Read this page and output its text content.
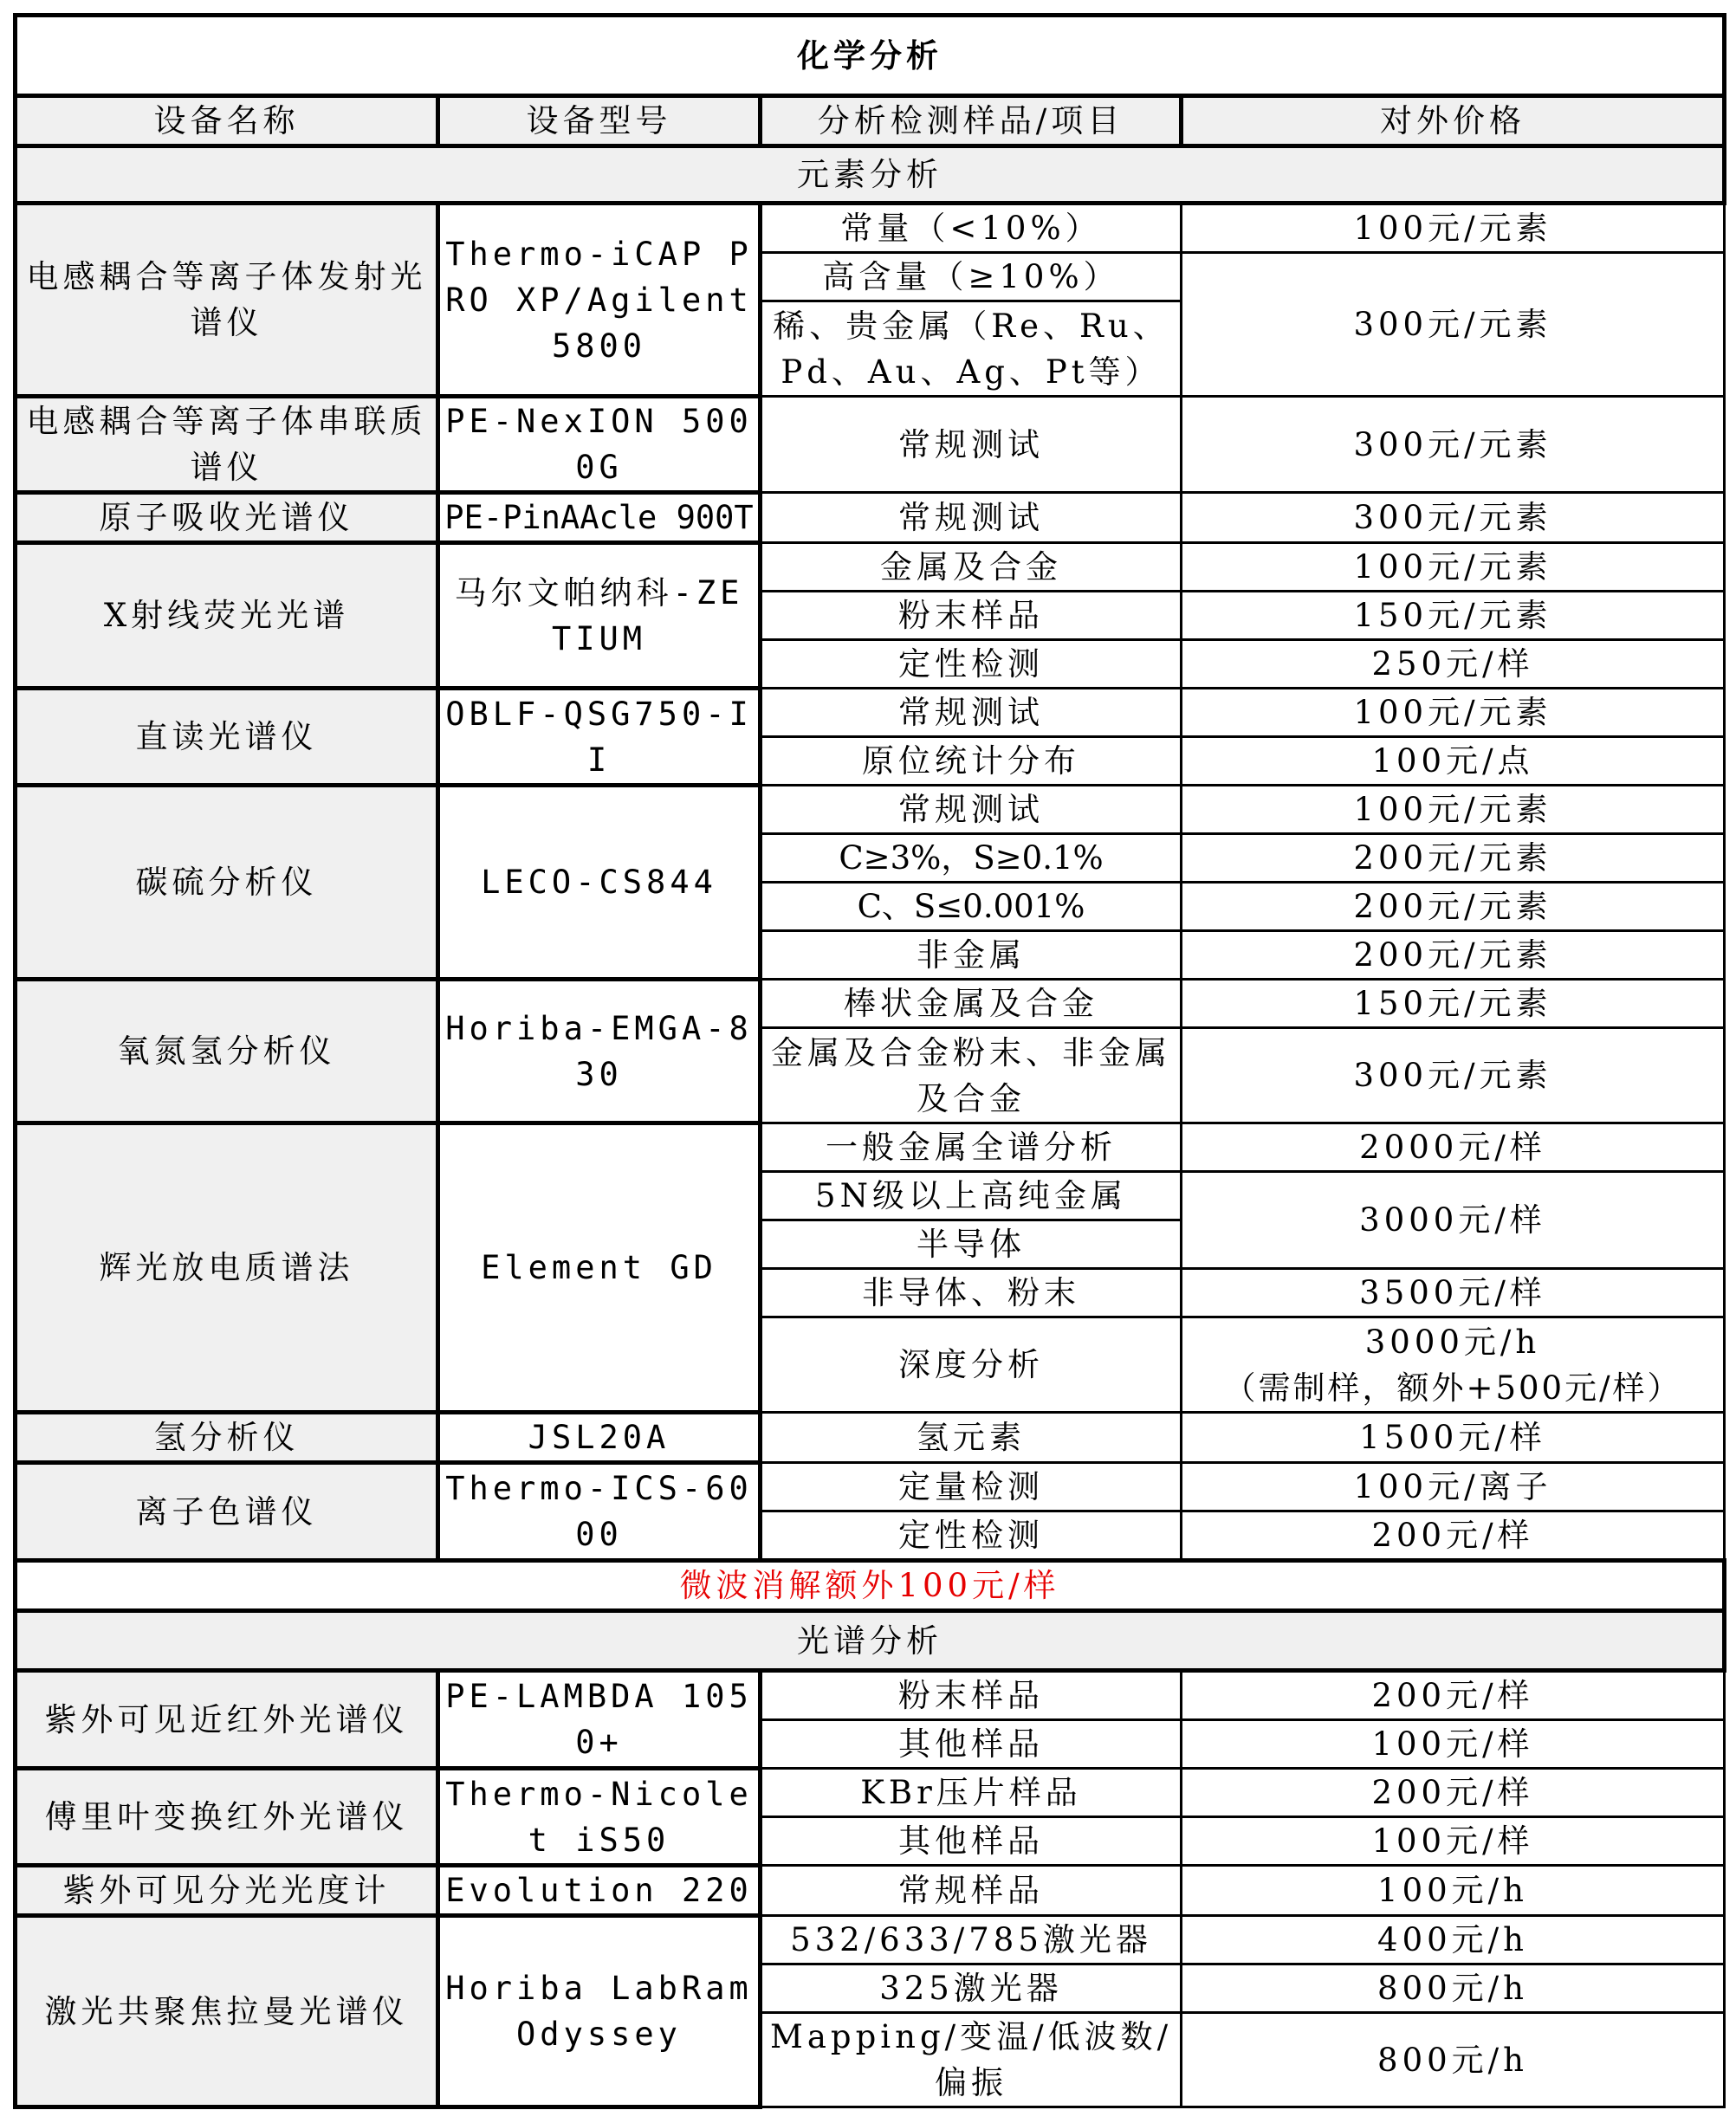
化学分析			
设备名称	设备型号	分析检测样品/项目	对外价格
元素分析			
电感耦合等离子体发射光谱仪	Thermo-iCAP PRO XP/Agilent 5800	常量（<10%）	100元/元素
		高含量（≥10%）	300元/元素
		稀、贵金属（Re、Ru、Pd、Au、Ag、Pt等）	
电感耦合等离子体串联质谱仪	PE-NexION 5000G	常规测试	300元/元素
原子吸收光谱仪	PE-PinAAcle 900T	常规测试	300元/元素
X射线荧光光谱	马尔文帕纳科-ZETIUM	金属及合金	100元/元素
		粉末样品	150元/元素
		定性检测	250元/样
直读光谱仪	OBLF-QSG750-II	常规测试	100元/元素
		原位统计分布	100元/点
碳硫分析仪	LECO-CS844	常规测试	100元/元素
		C≥3%，S≥0.1%	200元/元素
		C、S≤0.001%	200元/元素
		非金属	200元/元素
氧氮氢分析仪	Horiba-EMGA-830	棒状金属及合金	150元/元素
		金属及合金粉末、非金属及合金	300元/元素
辉光放电质谱法	Element GD	一般金属全谱分析	2000元/样
		5N级以上高纯金属	3000元/样
		半导体	
		非导体、粉末	3500元/样
		深度分析	3000元/h
（需制样，额外+500元/样）

氢分析仪	JSL20A	氢元素	1500元/样
离子色谱仪	Thermo-ICS-6000	定量检测	100元/离子
		定性检测	200元/样
微波消解额外100元/样			
光谱分析			
紫外可见近红外光谱仪	PE-LAMBDA 1050+	粉末样品	200元/样
		其他样品	100元/样
傅里叶变换红外光谱仪	Thermo-Nicolet iS50	KBr压片样品	200元/样
		其他样品	100元/样
紫外可见分光光度计	Evolution 220	常规样品	100元/h
激光共聚焦拉曼光谱仪	Horiba LabRam Odyssey	532/633/785激光器	400元/h
		325激光器	800元/h
		Mapping/变温/低波数/偏振	800元/h
